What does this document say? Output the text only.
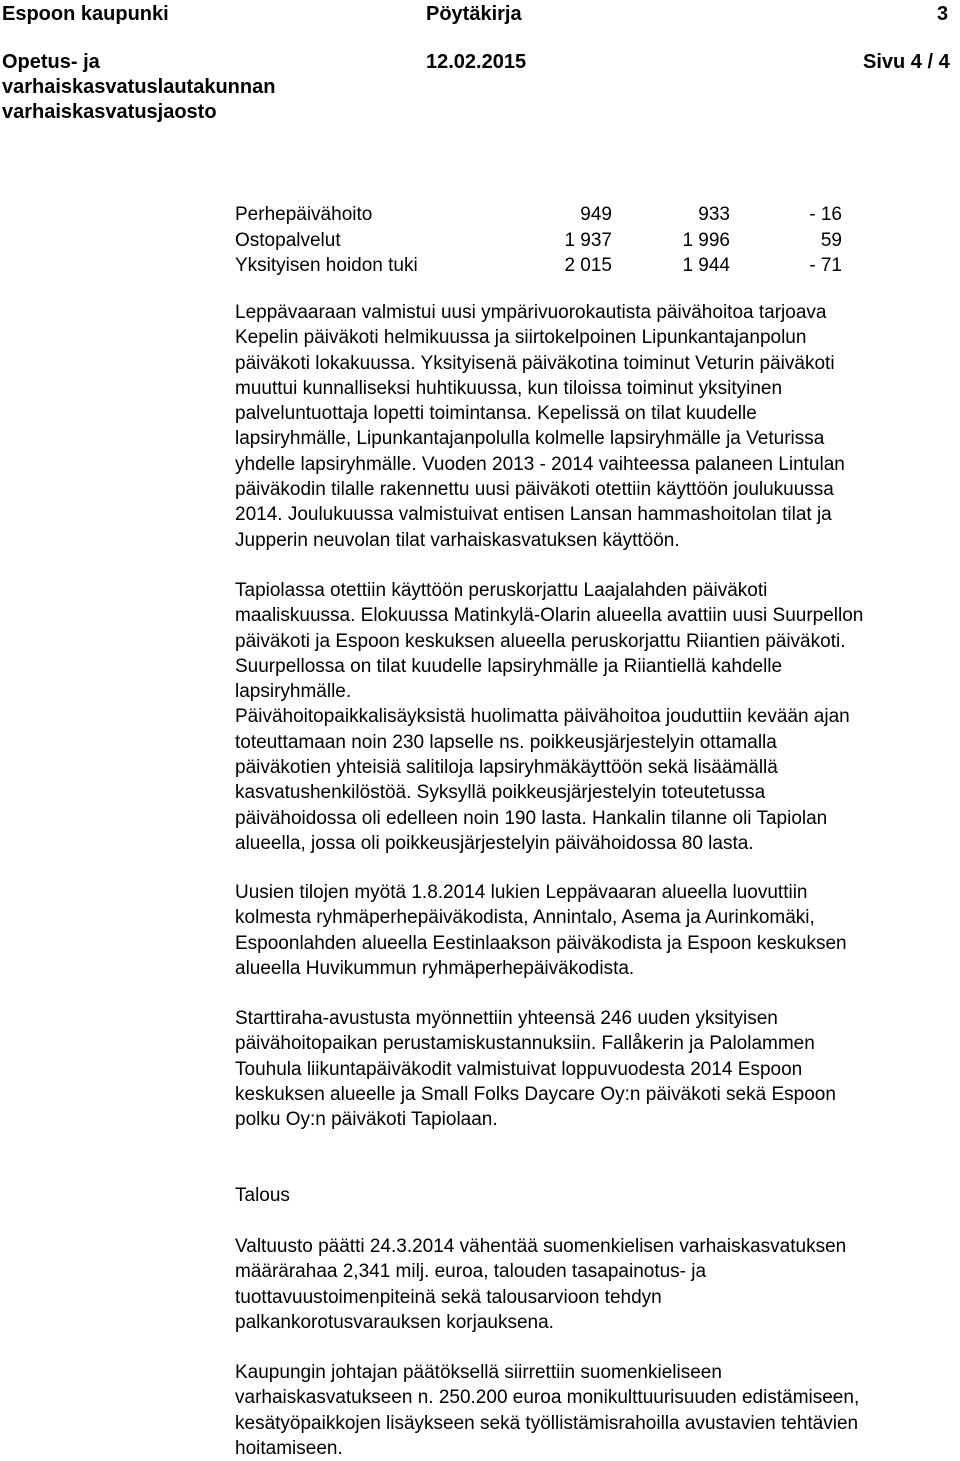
Espoon kaupunki	Pöytäkirja	3
Opetus- ja
varhaiskasvatuslautakunnan
varhaiskasvatusjaosto
12.02.2015	Sivu 4 / 4
Perhepäivähoito	949	933	- 16
Ostopalvelut	1 937	1 996	59
Yksityisen hoidon tuki	2 015	1 944	- 71
Leppävaaraan valmistui uusi ympärivuorokautista päivähoitoa tarjoava
Kepelin päiväkoti helmikuussa ja siirtokelpoinen Lipunkantajanpolun
päiväkoti lokakuussa. Yksityisenä päiväkotina toiminut Veturin päiväkoti
muuttui kunnalliseksi huhtikuussa, kun tiloissa toiminut yksityinen
palveluntuottaja lopetti toimintansa. Kepelissä on tilat kuudelle
lapsiryhmälle, Lipunkantajanpolulla kolmelle lapsiryhmälle ja Veturissa
yhdelle lapsiryhmälle. Vuoden 2013 - 2014 vaihteessa palaneen Lintulan
päiväkodin tilalle rakennettu uusi päiväkoti otettiin käyttöön joulukuussa
2014. Joulukuussa valmistuivat entisen Lansan hammashoitolan tilat ja
Jupperin neuvolan tilat varhaiskasvatuksen käyttöön.
Tapiolassa otettiin käyttöön peruskorjattu Laajalahden päiväkoti
maaliskuussa. Elokuussa Matinkylä-Olarin alueella avattiin uusi Suurpellon
päiväkoti ja Espoon keskuksen alueella peruskorjattu Riiantien päiväkoti.
Suurpellossa on tilat kuudelle lapsiryhmälle ja Riiantiellä kahdelle
lapsiryhmälle.
Päivähoitopaikkalisäyksistä huolimatta päivähoitoa jouduttiin kevään ajan
toteuttamaan noin 230 lapselle ns. poikkeusjärjestelyin ottamalla
päiväkotien yhteisiä salitiloja lapsiryhmäkäyttöön sekä lisäämällä
kasvatushenkilöstöä. Syksyllä poikkeusjärjestelyin toteutetussa
päivähoidossa oli edelleen noin 190 lasta. Hankalin tilanne oli Tapiolan
alueella, jossa oli poikkeusjärjestelyin päivähoidossa 80 lasta.
Uusien tilojen myötä 1.8.2014 lukien Leppävaaran alueella luovuttiin
kolmesta ryhmäperhepäiväkodista, Annintalo, Asema ja Aurinkomäki,
Espoonlahden alueella Eestinlaakson päiväkodista ja Espoon keskuksen
alueella Huvikummun ryhmäperhepäiväkodista.
Starttiraha-avustusta myönnettiin yhteensä 246 uuden yksityisen
päivähoitopaikan perustamiskustannuksiin. Fallåkerin ja Palolammen
Touhula liikuntapäiväkodit valmistuivat loppuvuodesta 2014 Espoon
keskuksen alueelle ja Small Folks Daycare Oy:n päiväkoti sekä Espoon
polku Oy:n päiväkoti Tapiolaan.
Talous
Valtuusto päätti 24.3.2014 vähentää suomenkielisen varhaiskasvatuksen
määrärahaa 2,341 milj. euroa, talouden tasapainotus- ja
tuottavuustoimenpiteinä sekä talousarvioon tehdyn
palkankorotusvarauksen korjauksena.
Kaupungin johtajan päätöksellä siirrettiin suomenkieliseen
varhaiskasvatukseen n. 250.200 euroa monikulttuurisuuden edistämiseen,
kesätyöpaikkojen lisäykseen sekä työllistämisrahoilla avustavien tehtävien
hoitamiseen.
